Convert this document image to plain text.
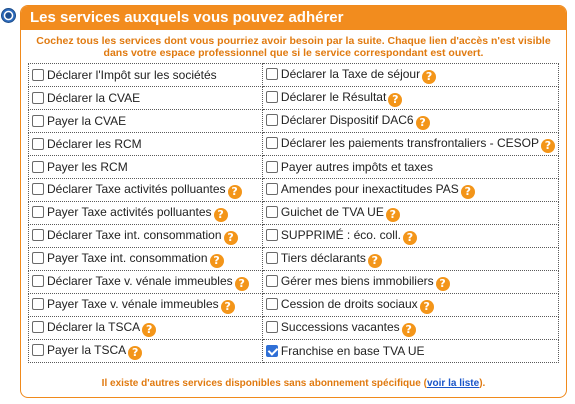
Les services auxquels vous pouvez adhérer
Cochez tous les services dont vous pourriez avoir besoin par la suite. Chaque lien d'accès n'est visible
dans votre espace professionnel que si le service correspondant est ouvert.
Déclarer l'Impôt sur les sociétés	Déclarer la Taxe de séjour ?
Déclarer la CVAE	Déclarer le Résultat ?
Payer la CVAE	Déclarer Dispositif DAC6 ?
Déclarer les RCM	Déclarer les paiements transfrontaliers - CESOP ?
Payer les RCM	Payer autres impôts et taxes
Déclarer Taxe activités polluantes ?	Amendes pour inexactitudes PAS ?
Payer Taxe activités polluantes ?	Guichet de TVA UE ?
Déclarer Taxe int. consommation ?	SUPPRIMÉ : éco. coll. ?
Payer Taxe int. consommation ?	Tiers déclarants ?
Déclarer Taxe v. vénale immeubles ?	Gérer mes biens immobiliers ?
Payer Taxe v. vénale immeubles ?	Cession de droits sociaux ?
Déclarer la TSCA ?	Successions vacantes ?
Payer la TSCA ?	Franchise en base TVA UE
Il existe d'autres services disponibles sans abonnement spécifique (voir la liste).
